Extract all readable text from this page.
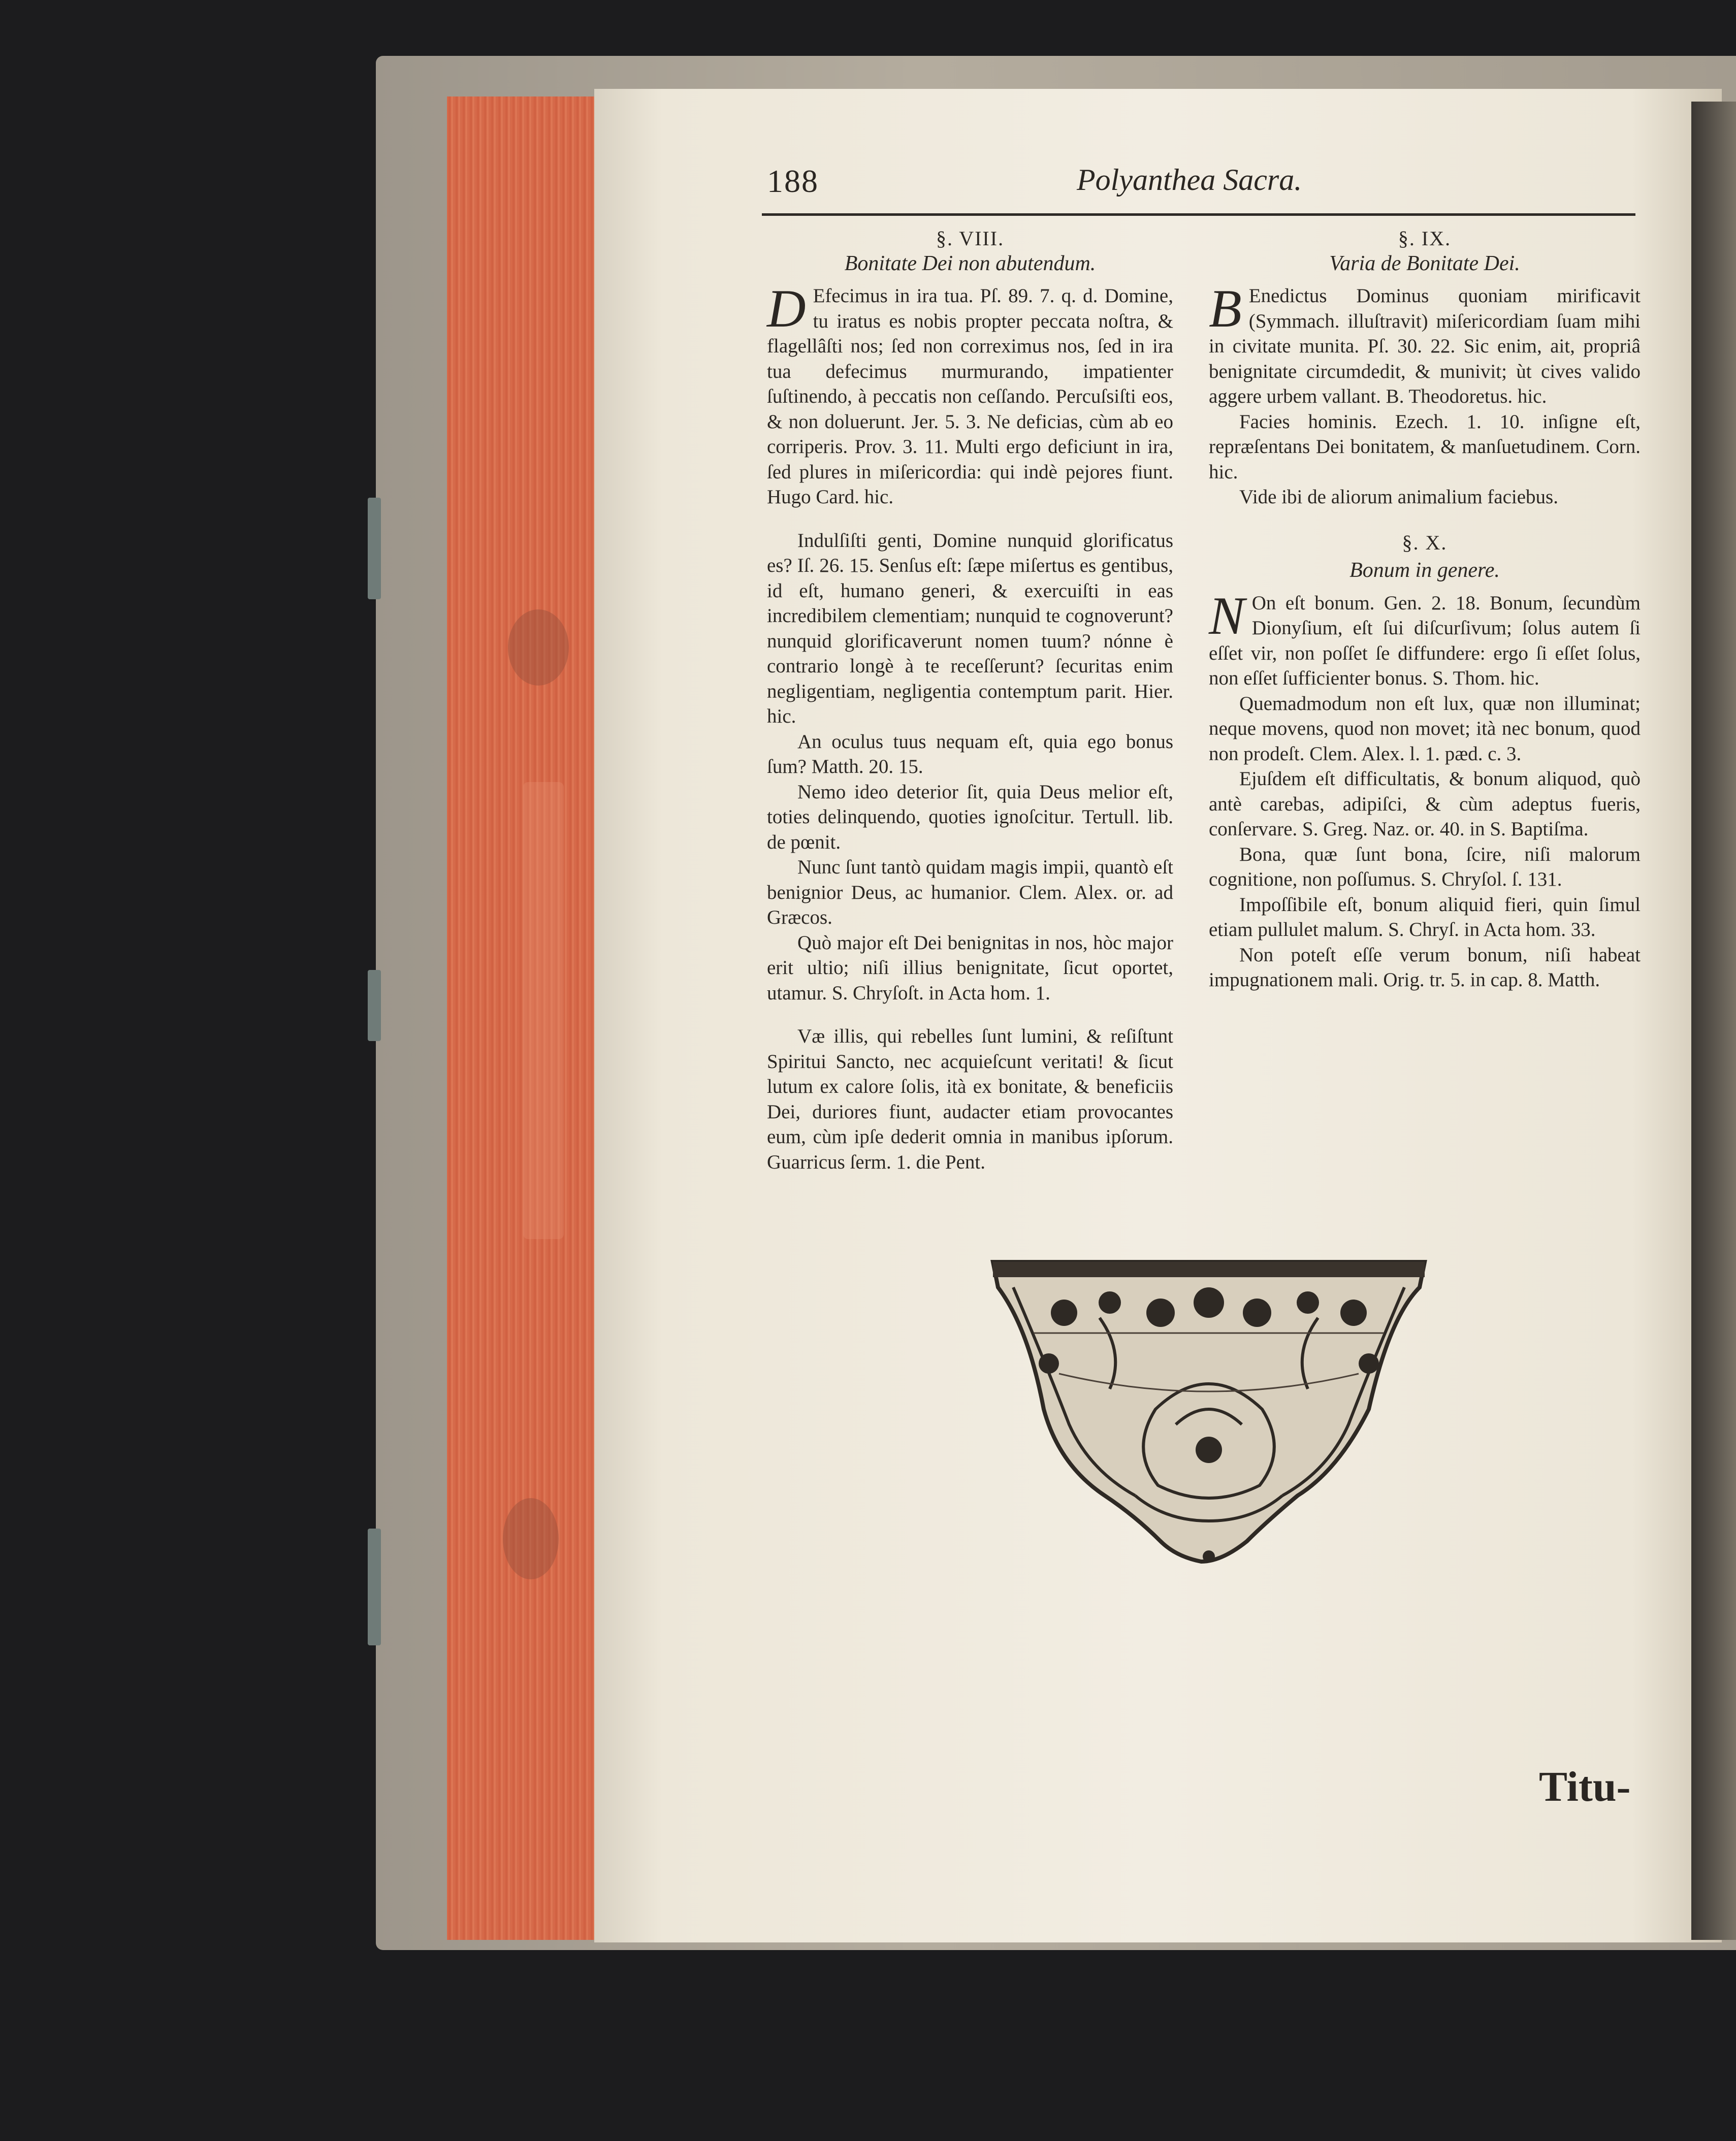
188	Polyanthea Sacra.
§. VIII.
Bonitate Dei non abutendum.

D Efecimus in ira tua. Pſ. 89. 7. q. d. Domine, tu iratus es nobis propter peccata noſtra, & flagellâſti nos; ſed non correximus nos, ſed in ira tua defecimus murmurando, impatienter ſuſtinendo, à peccatis non ceſſando. Percuſsiſti eos, & non doluerunt. Jer. 5. 3. Ne deficias, cùm ab eo corriperis. Prov. 3. 11. Multi ergo deficiunt in ira, ſed plures in miſericordia: qui indè pejores fiunt. Hugo Card. hic.

Indulſiſti genti, Domine nunquid glorificatus es? Iſ. 26. 15. Senſus eſt: ſæpe miſertus es gentibus, id eſt, humano generi, & exercuiſti in eas incredibilem clementiam; nunquid te cognoverunt? nunquid glorificaverunt nomen tuum? nónne è contrario longè à te receſſerunt? ſecuritas enim negligentiam, negligentia contemptum parit. Hier. hic.

An oculus tuus nequam eſt, quia ego bonus ſum? Matth. 20. 15.

Nemo ideo deterior ſit, quia Deus melior eſt, toties delinquendo, quoties ignoſcitur. Tertull. lib. de pœnit.

Nunc ſunt tantò quidam magis impii, quantò eſt benignior Deus, ac humanior. Clem. Alex. or. ad Græcos.

Quò major eſt Dei benignitas in nos, hòc major erit ultio; niſi illius benignitate, ſicut oportet, utamur. S. Chryſoſt. in Acta hom. 1.

Væ illis, qui rebelles ſunt lumini, & reſiſtunt Spiritui Sancto, nec acquieſcunt veritati! & ſicut lutum ex calore ſolis, ità ex bonitate, & beneficiis Dei, duriores fiunt, audacter etiam provocantes eum, cùm ipſe dederit omnia in manibus ipſorum. Guarricus ſerm. 1. die Pent.

§. IX.
Varia de Bonitate Dei.

B Enedictus Dominus quoniam mirificavit (Symmach. illuſtravit) miſericordiam ſuam mihi in civitate munita. Pſ. 30. 22. Sic enim, ait, propriâ benignitate circumdedit, & munivit; ùt cives valido aggere urbem vallant. B. Theodoretus. hic.

Facies hominis. Ezech. 1. 10. inſigne eſt, repræſentans Dei bonitatem, & manſuetudinem. Corn. hic.

Vide ibi de aliorum animalium faciebus.

§. X.
Bonum in genere.

N On eſt bonum. Gen. 2. 18. Bonum, ſecundùm Dionyſium, eſt ſui diſcurſivum; ſolus autem ſi eſſet vir, non poſſet ſe diffundere: ergo ſi eſſet ſolus, non eſſet ſufficienter bonus. S. Thom. hic.

Quemadmodum non eſt lux, quæ non illuminat; neque movens, quod non movet; ità nec bonum, quod non prodeſt. Clem. Alex. l. 1. pæd. c. 3.

Ejuſdem eſt difficultatis, & bonum aliquod, quò antè carebas, adipiſci, & cùm adeptus fueris, conſervare. S. Greg. Naz. or. 40. in S. Baptiſma.

Bona, quæ ſunt bona, ſcire, niſi malorum cognitione, non poſſumus. S. Chryſol. ſ. 131.

Impoſſibile eſt, bonum aliquid fieri, quin ſimul etiam pullulet malum. S. Chryſ. in Acta hom. 33.

Non poteſt eſſe verum bonum, niſi habeat impugnationem mali. Orig. tr. 5. in cap. 8. Matth.

Titu-
